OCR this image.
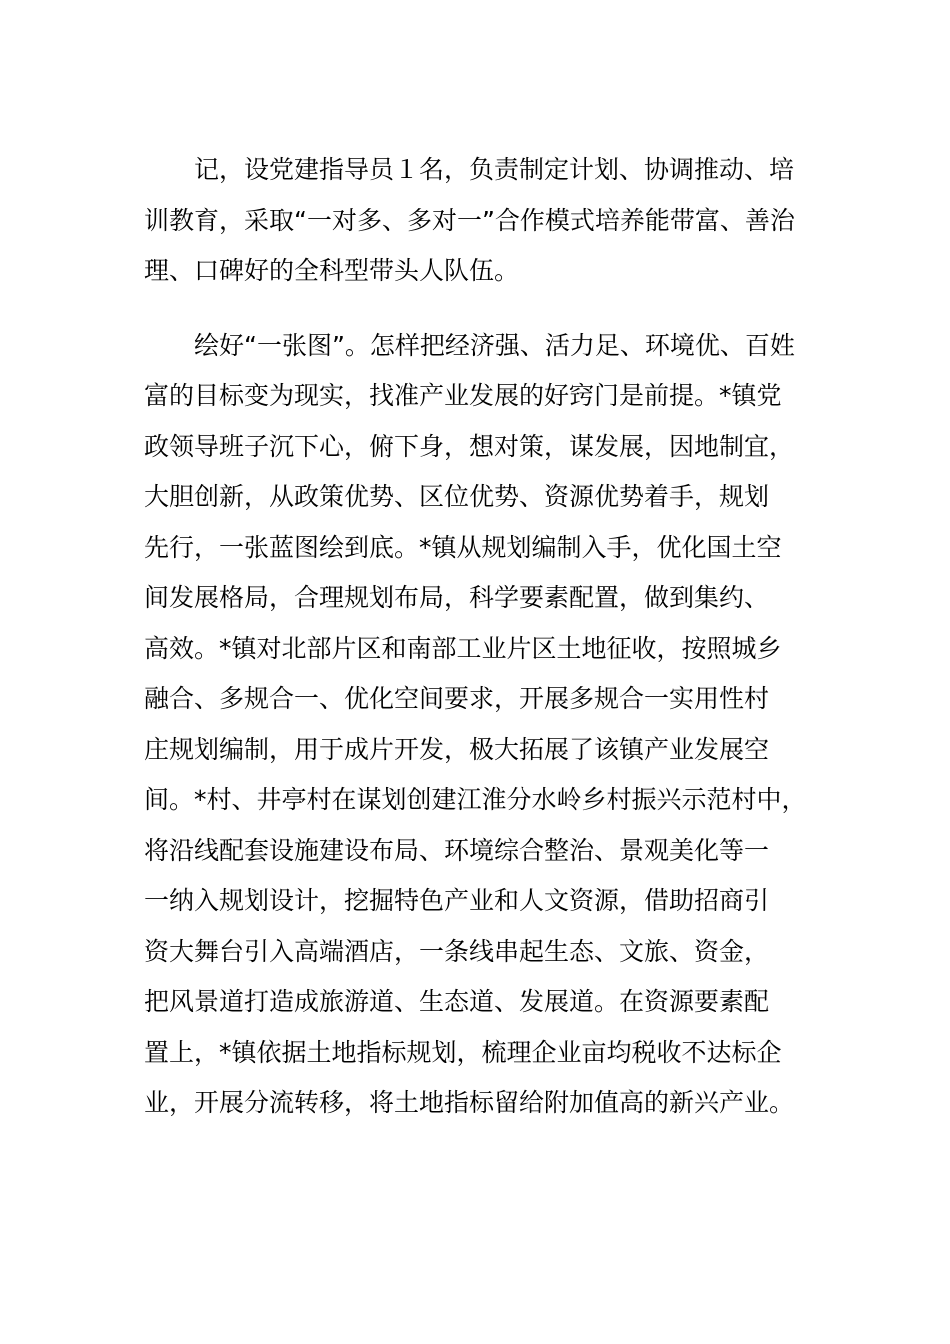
　　记，设党建指导员１名，负责制定计划、协调推动、培
训教育，采取“一对多、多对一”合作模式培养能带富、善治
理、口碑好的全科型带头人队伍。

　　绘好“一张图”。怎样把经济强、活力足、环境优、百姓
富的目标变为现实，找准产业发展的好窍门是前提。*镇党
政领导班子沉下心，俯下身，想对策，谋发展，因地制宜，
大胆创新，从政策优势、区位优势、资源优势着手，规划
先行，一张蓝图绘到底。*镇从规划编制入手，优化国土空
间发展格局，合理规划布局，科学要素配置，做到集约、
高效。*镇对北部片区和南部工业片区土地征收，按照城乡
融合、多规合一、优化空间要求，开展多规合一实用性村
庄规划编制，用于成片开发，极大拓展了该镇产业发展空
间。*村、井亭村在谋划创建江淮分水岭乡村振兴示范村中，
将沿线配套设施建设布局、环境综合整治、景观美化等一
一纳入规划设计，挖掘特色产业和人文资源，借助招商引
资大舞台引入高端酒店，一条线串起生态、文旅、资金，
把风景道打造成旅游道、生态道、发展道。在资源要素配
置上，*镇依据土地指标规划，梳理企业亩均税收不达标企
业，开展分流转移，将土地指标留给附加值高的新兴产业。
